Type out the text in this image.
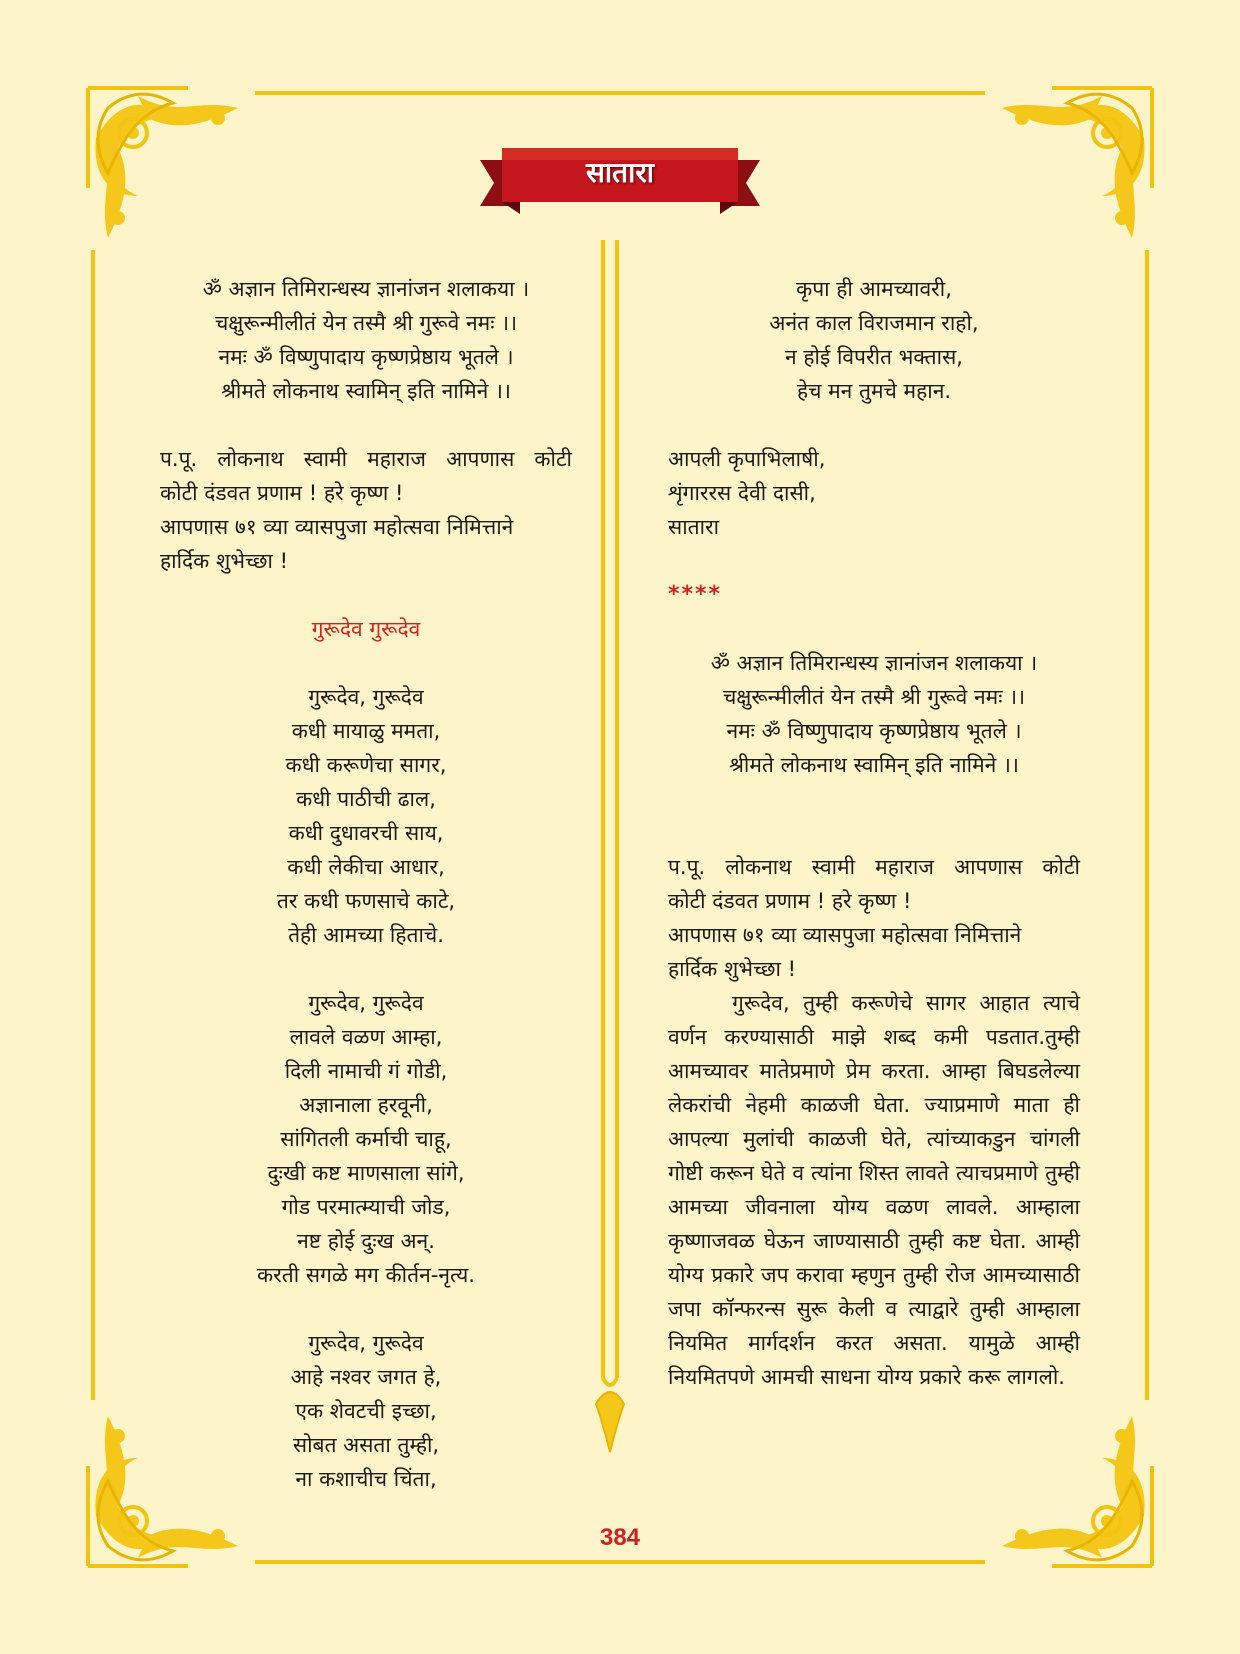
सातारा
ॐ अज्ञान तिमिरान्धस्य ज्ञानांजन शलाकया ।
चक्षुरून्मीलीतं येन तस्मै श्री गुरूवे नमः ।।
नमः ॐ विष्णुपादाय कृष्णप्रेष्ठाय भूतले ।
श्रीमते लोकनाथ स्वामिन् इति नामिने ।।
प.पू. लोकनाथ स्वामी महाराज आपणास कोटी
कोटी दंडवत प्रणाम ! हरे कृष्ण !
आपणास ७१ व्या व्यासपुजा महोत्सवा निमित्ताने
हार्दिक शुभेच्छा !
गुरूदेव गुरूदेव
गुरूदेव, गुरूदेव
कधी मायाळु ममता,
कधी करूणेचा सागर,
कधी पाठीची ढाल,
कधी दुधावरची साय,
कधी लेकीचा आधार,
तर कधी फणसाचे काटे,
तेही आमच्या हिताचे.
गुरूदेव, गुरूदेव
लावले वळण आम्हा,
दिली नामाची गं गोडी,
अज्ञानाला हरवूनी,
सांगितली कर्माची चाहू,
दुःखी कष्ट माणसाला सांगे,
गोड परमात्म्याची जोड,
नष्ट होई दुःख अन्.
करती सगळे मग कीर्तन-नृत्य.
गुरूदेव, गुरूदेव
आहे नश्वर जगत हे,
एक शेवटची इच्छा,
सोबत असता तुम्ही,
ना कशाचीच चिंता,
कृपा ही आमच्यावरी,
अनंत काल विराजमान राहो,
न होई विपरीत भक्तास,
हेच मन तुमचे महान.
आपली कृपाभिलाषी,
शृंगाररस देवी दासी,
सातारा
****
ॐ अज्ञान तिमिरान्धस्य ज्ञानांजन शलाकया ।
चक्षुरून्मीलीतं येन तस्मै श्री गुरूवे नमः ।।
नमः ॐ विष्णुपादाय कृष्णप्रेष्ठाय भूतले ।
श्रीमते लोकनाथ स्वामिन् इति नामिने ।।
प.पू. लोकनाथ स्वामी महाराज आपणास कोटी
कोटी दंडवत प्रणाम ! हरे कृष्ण !
आपणास ७१ व्या व्यासपुजा महोत्सवा निमित्ताने
हार्दिक शुभेच्छा !

गुरूदेव, तुम्ही करूणेचे सागर आहात त्याचे वर्णन करण्यासाठी माझे शब्द कमी पडतात.तुम्ही आमच्यावर मातेप्रमाणे प्रेम करता. आम्हा बिघडलेल्या लेकरांची नेहमी काळजी घेता. ज्याप्रमाणे माता ही आपल्या मुलांची काळजी घेते, त्यांच्याकडुन चांगली गोष्टी करून घेते व त्यांना शिस्त लावते त्याचप्रमाणे तुम्ही आमच्या जीवनाला योग्य वळण लावले. आम्हाला कृष्णाजवळ घेऊन जाण्यासाठी तुम्ही कष्ट घेता. आम्ही योग्य प्रकारे जप करावा म्हणुन तुम्ही रोज आमच्यासाठी जपा कॉन्फरन्स सुरू केली व त्याद्वारे तुम्ही आम्हाला नियमित मार्गदर्शन करत असता. यामुळे आम्ही नियमितपणे आमची साधना योग्य प्रकारे करू लागलो.

384
